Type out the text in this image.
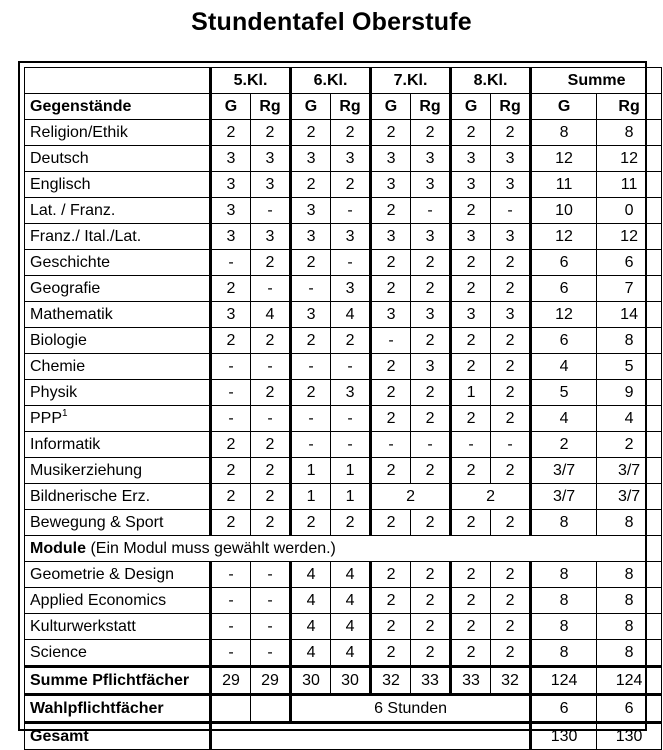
Stundentafel Oberstufe
	5.Kl.		6.Kl.		7.Kl.		8.Kl.		Summe	
Gegenstände	G	Rg	G	Rg	G	Rg	G	Rg	G	Rg
Religion/Ethik	2	2	2	2	2	2	2	2	8	8
Deutsch	3	3	3	3	3	3	3	3	12	12
Englisch	3	3	2	2	3	3	3	3	11	11
Lat. / Franz.	3	-	3	-	2	-	2	-	10	0
Franz./ Ital./Lat.	3	3	3	3	3	3	3	3	12	12
Geschichte	-	2	2	-	2	2	2	2	6	6
Geografie	2	-	-	3	2	2	2	2	6	7
Mathematik	3	4	3	4	3	3	3	3	12	14
Biologie	2	2	2	2	-	2	2	2	6	8
Chemie	-	-	-	-	2	3	2	2	4	5
Physik	-	2	2	3	2	2	1	2	5	9
PPP$^1$	-	-	-	-	2	2	2	2	4	4
Informatik	2	2	-	-	-	-	-	-	2	2
Musikerziehung	2	2	1	1	2	2	2	2	3/7	3/7
Bildnerische Erz.	2	2	1	1	2		2		3/7	3/7
Bewegung & Sport	2	2	2	2	2	2	2	2	8	8
Module (Ein Modul muss gewählt werden.)										
Geometrie & Design	-	-	4	4	2	2	2	2	8	8
Applied Economics	-	-	4	4	2	2	2	2	8	8
Kulturwerkstatt	-	-	4	4	2	2	2	2	8	8
Science	-	-	4	4	2	2	2	2	8	8
Summe Pflichtfächer	29	29	30	30	32	33	33	32	124	124
Wahlpflichtfächer			6 Stunden						6	6
Gesamt									130	130
